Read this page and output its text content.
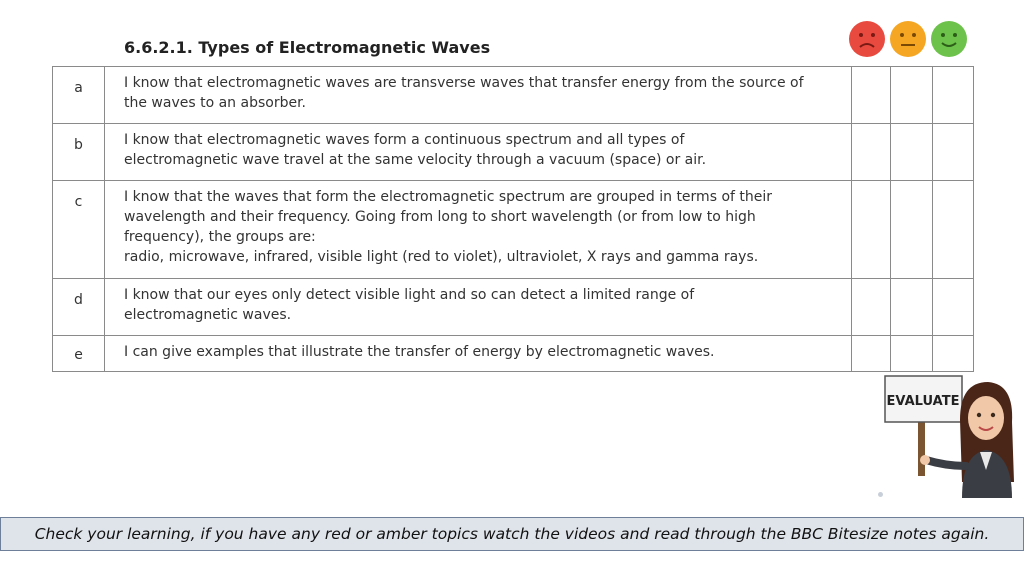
6.6.2.1. Types of Electromagnetic Waves
a	I know that electromagnetic waves are transverse waves that transfer energy from the source of
the waves to an absorber.			

b	I know that electromagnetic waves form a continuous spectrum and all types of
electromagnetic wave travel at the same velocity through a vacuum (space) or air.			

c	I know that the waves that form the electromagnetic spectrum are grouped in terms of their
wavelength and their frequency. Going from long to short wavelength (or from low to high
frequency), the groups are:
radio, microwave, infrared, visible light (red to violet), ultraviolet, X rays and gamma rays.			

d	I know that our eyes only detect visible light and so can detect a limited range of
electromagnetic waves.			

e	I can give examples that illustrate the transfer of energy by electromagnetic waves.			

EVALUATE
Check your learning, if you have any red or amber topics watch the videos and read through the BBC Bitesize notes again.
